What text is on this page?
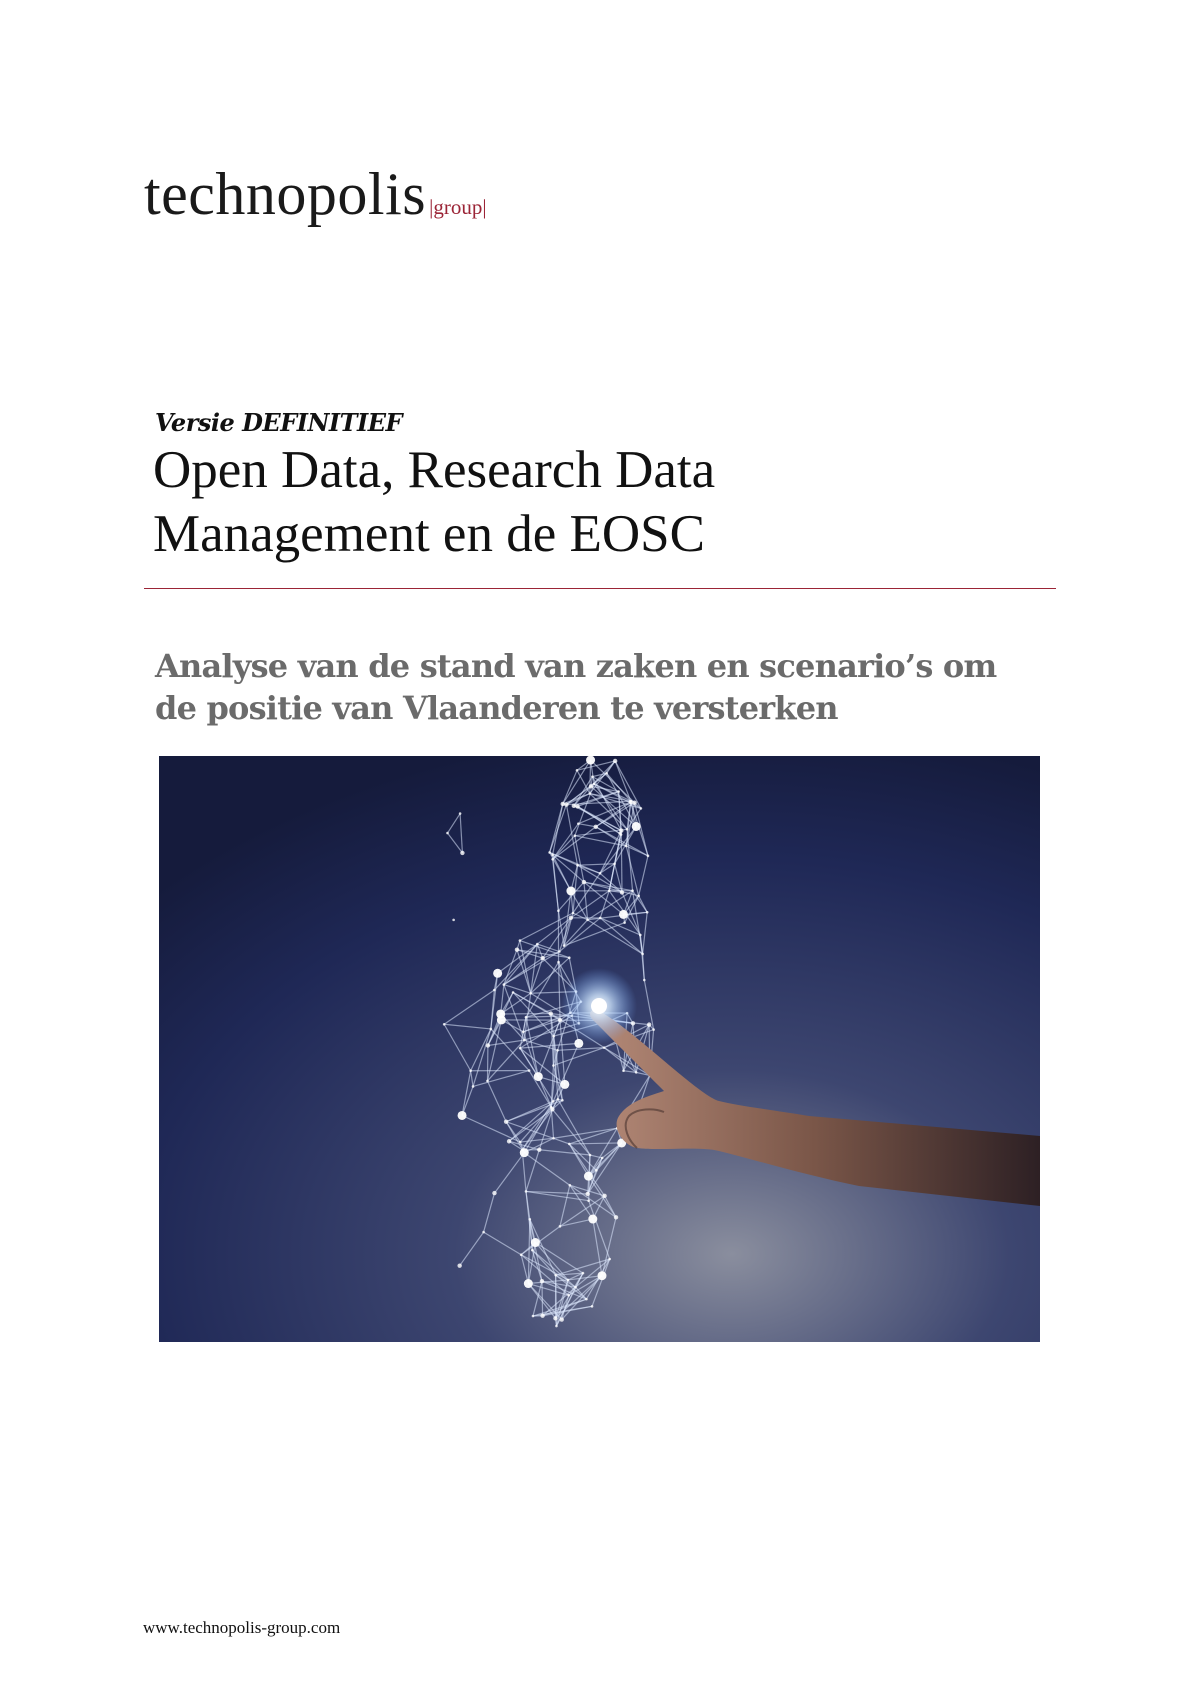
technopolis |group|
Versie DEFINITIEF
Open Data, Research Data
Management en de EOSC
Analyse van de stand van zaken en scenario’s om
de positie van Vlaanderen te versterken
www.technopolis-group.com
